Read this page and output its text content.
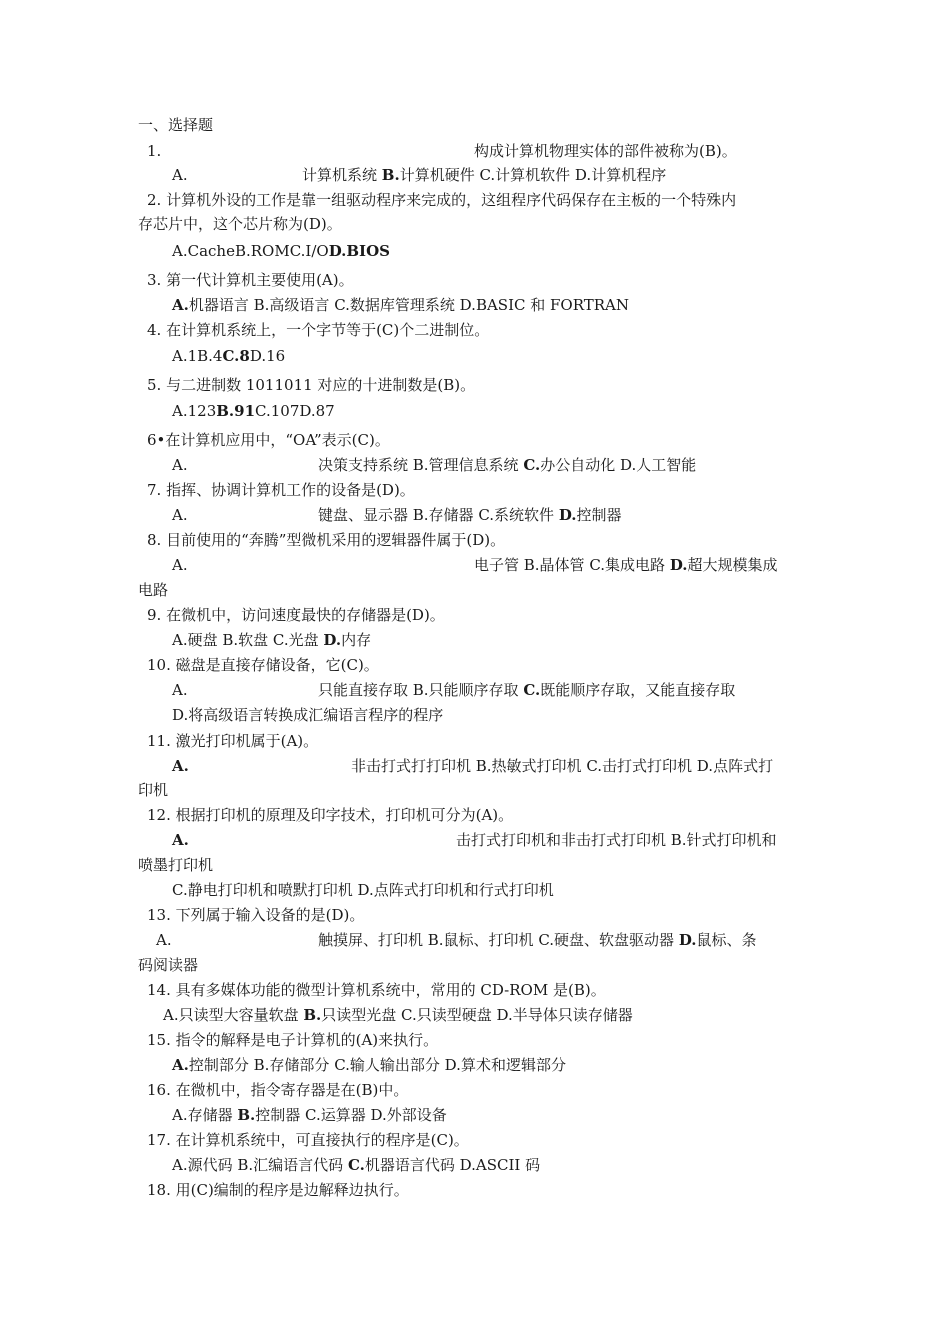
一、选择题
1.	构成计算机物理实体的部件被称为(B)。
A.	计算机系统 B.计算机硬件 C.计算机软件 D.计算机程序
2. 计算机外设的工作是靠一组驱动程序来完成的，这组程序代码保存在主板的一个特殊内
存芯片中，这个芯片称为(D)。
A.CacheB.ROMC.I/OD.BIOS
3. 第一代计算机主要使用(A)。
A.机器语言 B.高级语言 C.数据库管理系统 D.BASIC 和 FORTRAN
4. 在计算机系统上，一个字节等于(C)个二进制位。
A.1B.4C.8D.16
5. 与二进制数 1011011 对应的十进制数是(B)。
A.123B.91C.107D.87
6•在计算机应用中，“OA”表示(C)。
A.	决策支持系统 B.管理信息系统 C.办公自动化 D.人工智能
7. 指挥、协调计算机工作的设备是(D)。
A.	键盘、显示器 B.存储器 C.系统软件 D.控制器
8. 目前使用的“奔腾”型微机采用的逻辑器件属于(D)。
A.	电子管 B.晶体管 C.集成电路 D.超大规模集成
电路
9. 在微机中，访问速度最快的存储器是(D)。
A.硬盘 B.软盘 C.光盘 D.内存
10. 磁盘是直接存储设备，它(C)。
A.	只能直接存取 B.只能顺序存取 C.既能顺序存取，又能直接存取
D.将高级语言转换成汇编语言程序的程序
11. 激光打印机属于(A)。
A.	非击打式打打印机 B.热敏式打印机 C.击打式打印机 D.点阵式打
印机
12. 根据打印机的原理及印字技术，打印机可分为(A)。
A.	击打式打印机和非击打式打印机 B.针式打印机和
喷墨打印机
C.静电打印机和喷默打印机 D.点阵式打印机和行式打印机
13. 下列属于输入设备的是(D)。
A.	触摸屏、打印机 B.鼠标、打印机 C.硬盘、软盘驱动器 D.鼠标、条
码阅读器
14. 具有多媒体功能的微型计算机系统中，常用的 CD-ROM 是(B)。
A.只读型大容量软盘 B.只读型光盘 C.只读型硬盘 D.半导体只读存储器
15. 指令的解释是电子计算机的(A)来执行。
A.控制部分 B.存储部分 C.输人输出部分 D.算术和逻辑部分
16. 在微机中，指令寄存器是在(B)中。
A.存储器 B.控制器 C.运算器 D.外部设备
17. 在计算机系统中，可直接执行的程序是(C)。
A.源代码 B.汇编语言代码 C.机器语言代码 D.ASCII 码
18. 用(C)编制的程序是边解释边执行。
